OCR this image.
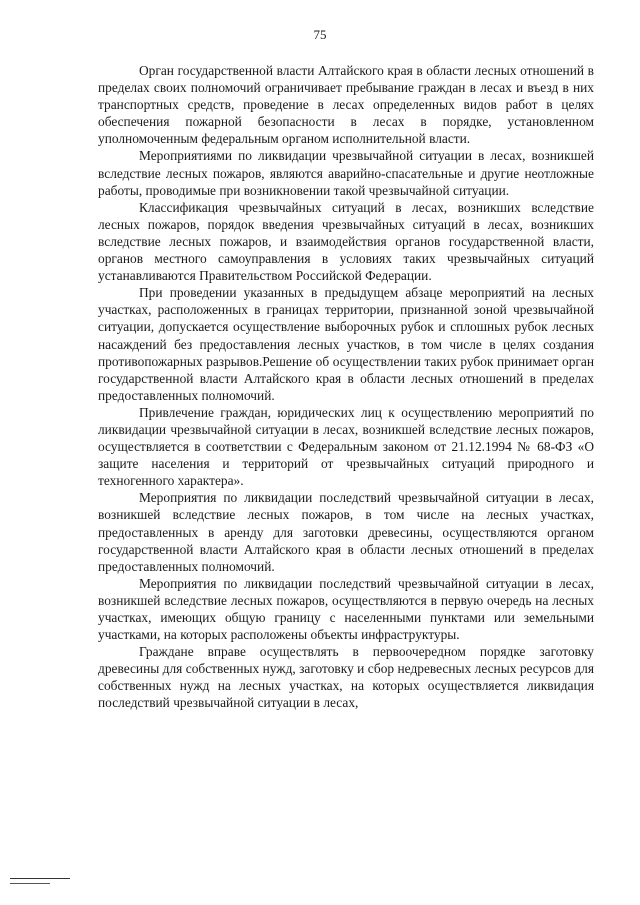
75

Орган государственной власти Алтайского края в области лесных отношений в пределах своих полномочий ограничивает пребывание граждан в лесах и въезд в них транспортных средств, проведение в лесах определенных видов работ в целях обеспечения пожарной безопасности в лесах в порядке, установленном уполномоченным федеральным органом исполнительной власти.

Мероприятиями по ликвидации чрезвычайной ситуации в лесах, возникшей вследствие лесных пожаров, являются аварийно-спасательные и другие неотложные работы, проводимые при возникновении такой чрезвычайной ситуации.

Классификация чрезвычайных ситуаций в лесах, возникших вследствие лесных пожаров, порядок введения чрезвычайных ситуаций в лесах, возникших вследствие лесных пожаров, и взаимодействия органов государственной власти, органов местного самоуправления в условиях таких чрезвычайных ситуаций устанавливаются Правительством Российской Федерации.

При проведении указанных в предыдущем абзаце мероприятий на лесных участках, расположенных в границах территории, признанной зоной чрезвычайной ситуации, допускается осуществление выборочных рубок и сплошных рубок лесных насаждений без предоставления лесных участков, в том числе в целях создания противопожарных разрывов.Решение об осуществлении таких рубок принимает орган государственной власти Алтайского края в области лесных отношений в пределах предоставленных полномочий.

Привлечение граждан, юридических лиц к осуществлению мероприятий по ликвидации чрезвычайной ситуации в лесах, возникшей вследствие лесных пожаров, осуществляется в соответствии с Федеральным законом от 21.12.1994 № 68-ФЗ «О защите населения и территорий от чрезвычайных ситуаций природного и техногенного характера».

Мероприятия по ликвидации последствий чрезвычайной ситуации в лесах, возникшей вследствие лесных пожаров, в том числе на лесных участках, предоставленных в аренду для заготовки древесины, осуществляются органом государственной власти Алтайского края в области лесных отношений в пределах предоставленных полномочий.

Мероприятия по ликвидации последствий чрезвычайной ситуации в лесах, возникшей вследствие лесных пожаров, осуществляются в первую очередь на лесных участках, имеющих общую границу с населенными пунктами или земельными участками, на которых расположены объекты инфраструктуры.

Граждане вправе осуществлять в первоочередном порядке заготовку древесины для собственных нужд, заготовку и сбор недревесных лесных ресурсов для собственных нужд на лесных участках, на которых осуществляется ликвидация последствий чрезвычайной ситуации в лесах,
